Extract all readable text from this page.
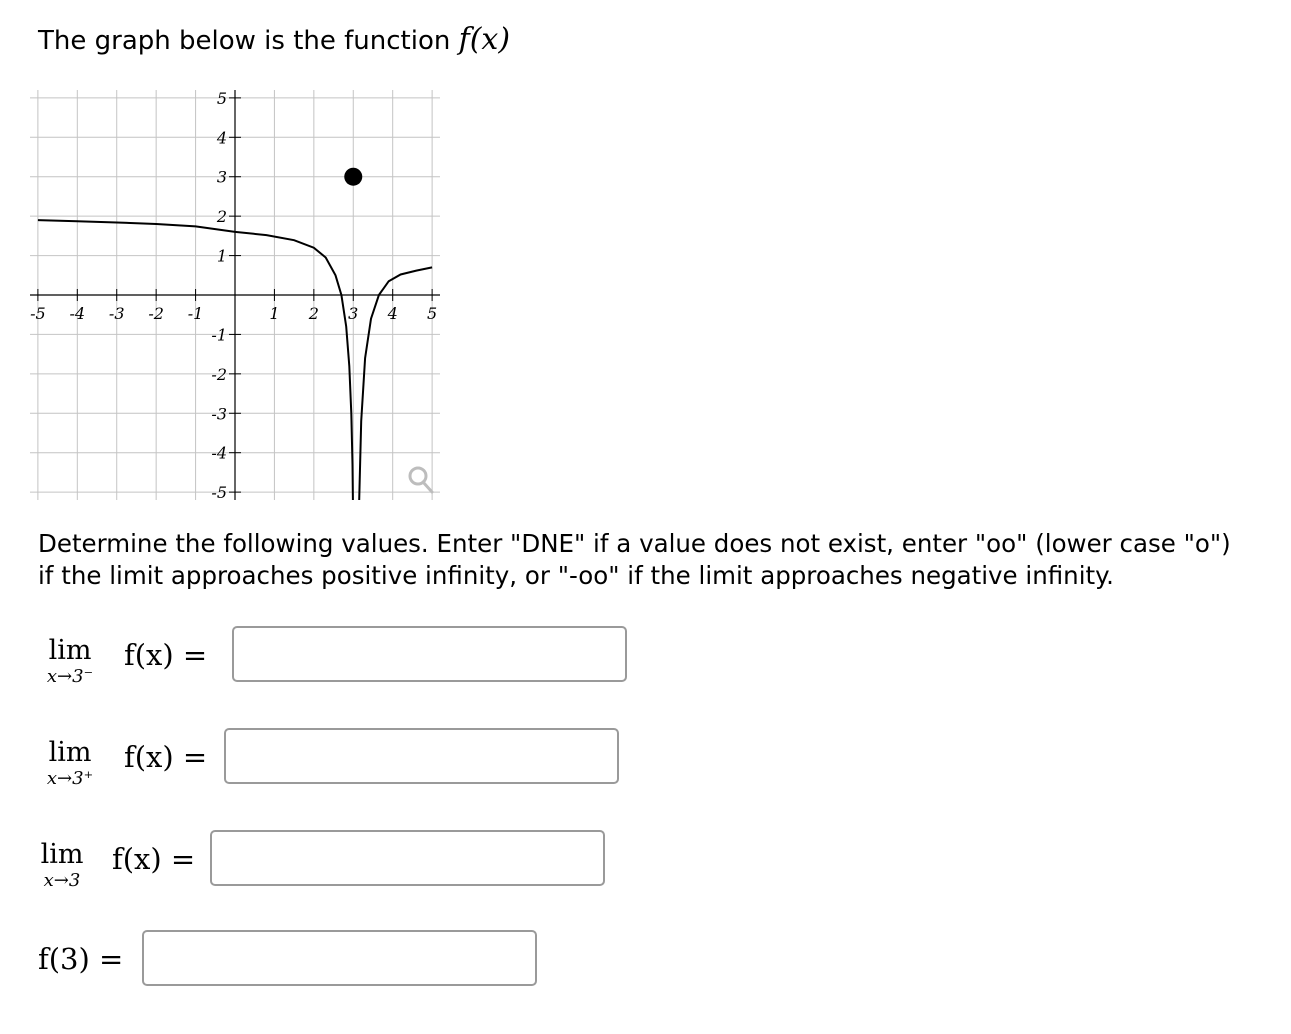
The graph below is the function f(x)
-5 -4 -3 -2 -1	1 2 3 4 5
5
4
3
2
1
-1
-2
-3
-4
-5
Determine the following values. Enter "DNE" if a value does not exist, enter "oo" (lower case "o")
if the limit approaches positive infinity, or "-oo" if the limit approaches negative infinity.
lim
x→3⁻
f(x) =
lim
x→3⁺
f(x) =
lim
x→3
f(x) =
f(3) =
